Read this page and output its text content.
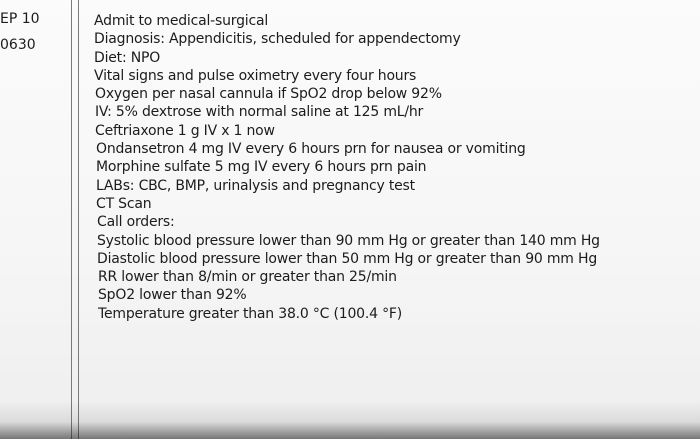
EP 10
0630
Admit to medical-surgical
Diagnosis: Appendicitis, scheduled for appendectomy
Diet: NPO
Vital signs and pulse oximetry every four hours
Oxygen per nasal cannula if SpO2 drop below 92%
IV: 5% dextrose with normal saline at 125 mL/hr
Ceftriaxone 1 g IV x 1 now
Ondansetron 4 mg IV every 6 hours prn for nausea or vomiting
Morphine sulfate 5 mg IV every 6 hours prn pain
LABs: CBC, BMP, urinalysis and pregnancy test
CT Scan
Call orders:
Systolic blood pressure lower than 90 mm Hg or greater than 140 mm Hg
Diastolic blood pressure lower than 50 mm Hg or greater than 90 mm Hg
RR lower than 8/min or greater than 25/min
SpO2 lower than 92%
Temperature greater than 38.0 °C (100.4 °F)
